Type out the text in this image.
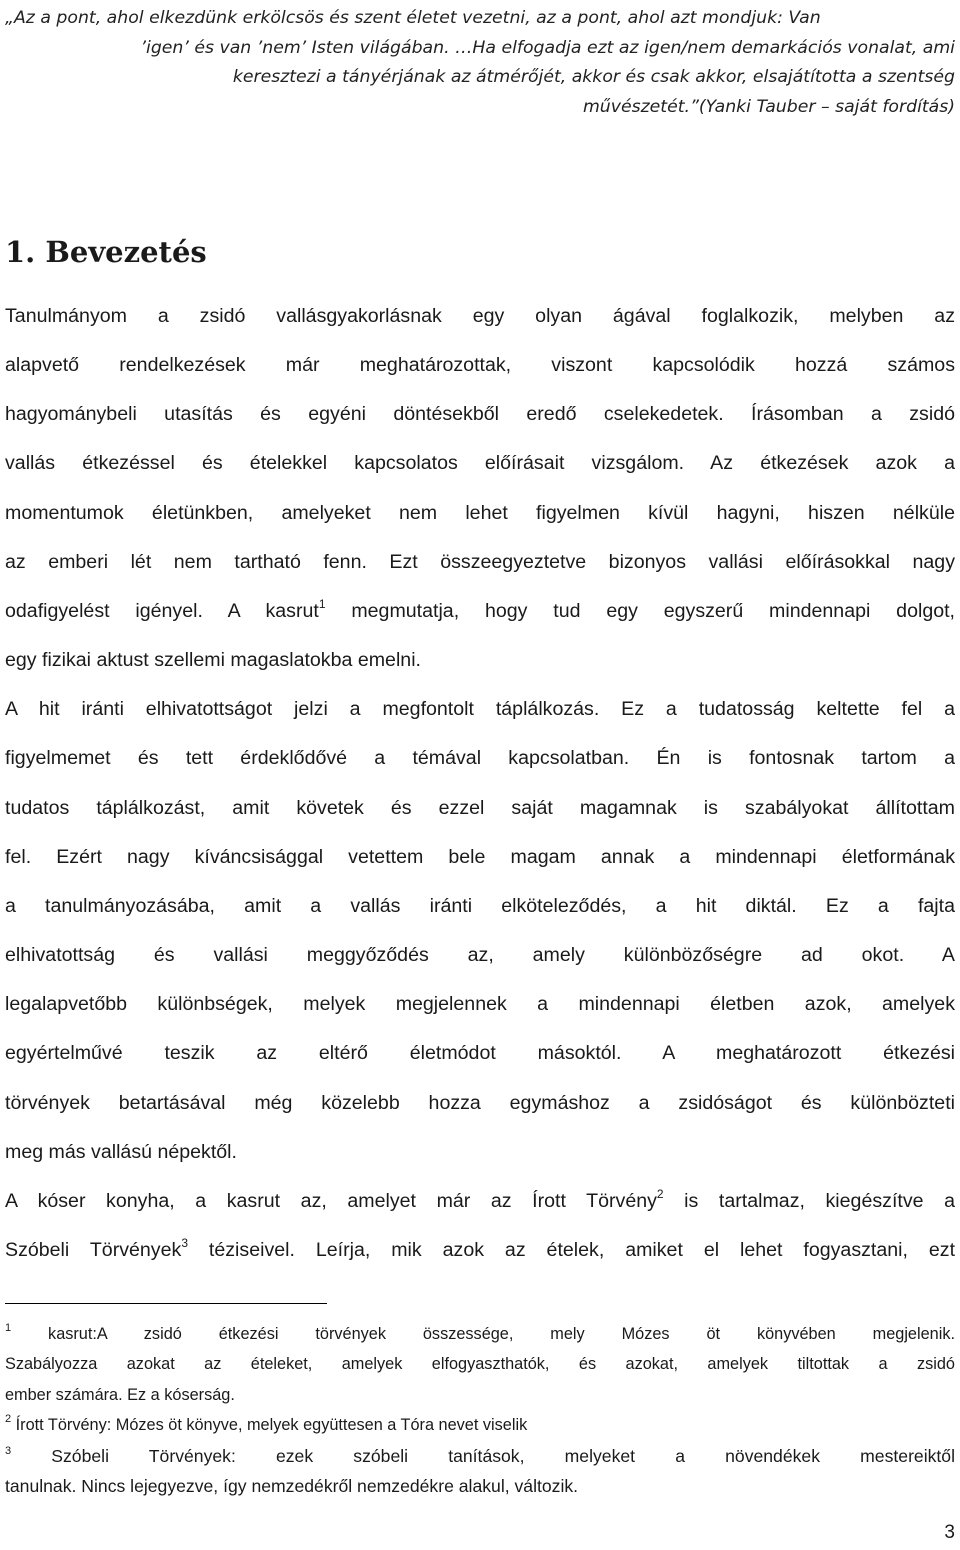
„Az a pont, ahol elkezdünk erkölcsös és szent életet vezetni, az a pont, ahol azt mondjuk: Van
’igen’ és van ’nem’ Isten világában. …Ha elfogadja ezt az igen/nem demarkációs vonalat, ami
keresztezi a tányérjának az átmérőjét, akkor és csak akkor, elsajátította a szentség
művészetét.”(Yanki Tauber – saját fordítás)
1. Bevezetés
Tanulmányom a zsidó vallásgyakorlásnak egy olyan ágával foglalkozik, melyben az
alapvető rendelkezések már meghatározottak, viszont kapcsolódik hozzá számos
hagyománybeli utasítás és egyéni döntésekből eredő cselekedetek. Írásomban a zsidó
vallás étkezéssel és ételekkel kapcsolatos előírásait vizsgálom. Az étkezések azok a
momentumok életünkben, amelyeket nem lehet figyelmen kívül hagyni, hiszen nélküle
az emberi lét nem tartható fenn. Ezt összeegyeztetve bizonyos vallási előírásokkal nagy
odafigyelést igényel. A kasrut$^1$ megmutatja, hogy tud egy egyszerű mindennapi dolgot,
egy fizikai aktust szellemi magaslatokba emelni.
A hit iránti elhivatottságot jelzi a megfontolt táplálkozás. Ez a tudatosság keltette fel a
figyelmemet és tett érdeklődővé a témával kapcsolatban. Én is fontosnak tartom a
tudatos táplálkozást, amit követek és ezzel saját magamnak is szabályokat állítottam
fel. Ezért nagy kíváncsisággal vetettem bele magam annak a mindennapi életformának
a tanulmányozásába, amit a vallás iránti elköteleződés, a hit diktál. Ez a fajta
elhivatottság és vallási meggyőződés az, amely különbözőségre ad okot. A
legalapvetőbb különbségek, melyek megjelennek a mindennapi életben azok, amelyek
egyértelművé teszik az eltérő életmódot másoktól. A meghatározott étkezési
törvények betartásával még közelebb hozza egymáshoz a zsidóságot és különbözteti
meg más vallású népektől.
A kóser konyha, a kasrut az, amelyet már az Írott Törvény$^2$ is tartalmaz, kiegészítve a
Szóbeli Törvények$^3$ téziseivel. Leírja, mik azok az ételek, amiket el lehet fogyasztani, ezt
$^1$ kasrut:A zsidó étkezési törvények összessége, mely Mózes öt könyvében megjelenik.
Szabályozza azokat az ételeket, amelyek elfogyaszthatók, és azokat, amelyek tiltottak a zsidó
ember számára. Ez a kóserság.
$^2$ Írott Törvény: Mózes öt könyve, melyek együttesen a Tóra nevet viselik
$^3$ Szóbeli Törvények: ezek szóbeli tanítások, melyeket a növendékek mestereiktől
tanulnak. Nincs lejegyezve, így nemzedékről nemzedékre alakul, változik.
3
